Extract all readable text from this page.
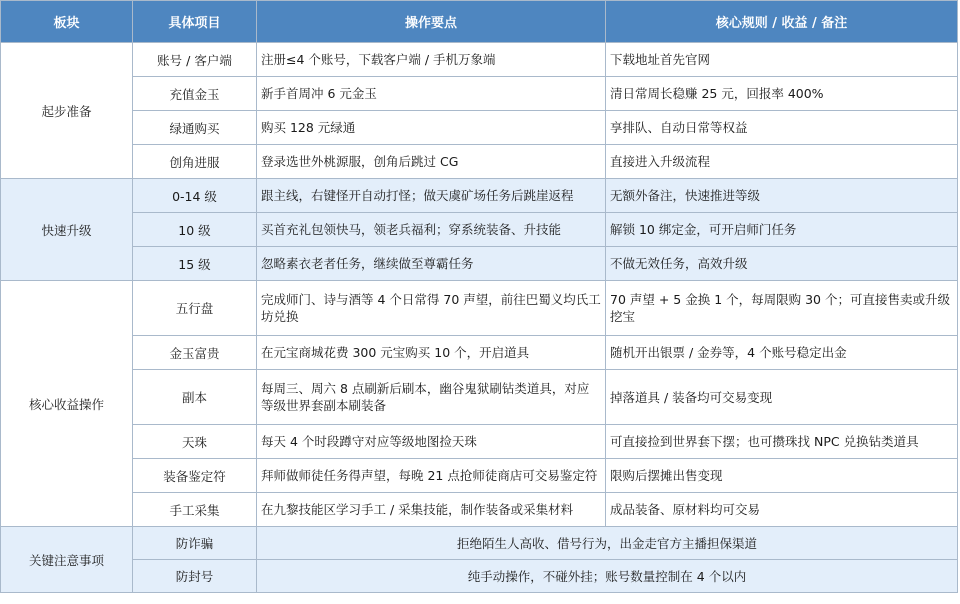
板块	具体项目	操作要点	核心规则 / 收益 / 备注
起步准备	账号 / 客户端	注册≤4 个账号，下载客户端 / 手机万象端	下载地址首先官网
	充值金玉	新手首周冲 6 元金玉	清日常周长稳赚 25 元，回报率 400%
	绿通购买	购买 128 元绿通	享排队、自动日常等权益
	创角进服	登录选世外桃源服，创角后跳过 CG	直接进入升级流程
快速升级	0-14 级	跟主线，右键怪开自动打怪；做天虞矿场任务后跳崖返程	无额外备注，快速推进等级
	10 级	买首充礼包领快马，领老兵福利；穿系统装备、升技能	解锁 10 绑定金，可开启师门任务
	15 级	忽略素衣老者任务，继续做至尊霸任务	不做无效任务，高效升级
核心收益操作	五行盘	完成师门、诗与酒等 4 个日常得 70 声望，前往巴蜀义均氏工坊兑换	70 声望 + 5 金换 1 个，每周限购 30 个；可直接售卖或升级挖宝
	金玉富贵	在元宝商城花费 300 元宝购买 10 个，开启道具	随机开出银票 / 金券等，4 个账号稳定出金
	副本	每周三、周六 8 点刷新后刷本，幽谷鬼狱刷钻类道具，对应等级世界套副本刷装备	掉落道具 / 装备均可交易变现
	天珠	每天 4 个时段蹲守对应等级地图捡天珠	可直接捡到世界套下摆；也可攒珠找 NPC 兑换钻类道具
	装备鉴定符	拜师做师徒任务得声望，每晚 21 点抢师徒商店可交易鉴定符	限购后摆摊出售变现
	手工采集	在九黎技能区学习手工 / 采集技能，制作装备或采集材料	成品装备、原材料均可交易
关键注意事项	防诈骗	拒绝陌生人高收、借号行为，出金走官方主播担保渠道	
	防封号	纯手动操作，不碰外挂；账号数量控制在 4 个以内	
